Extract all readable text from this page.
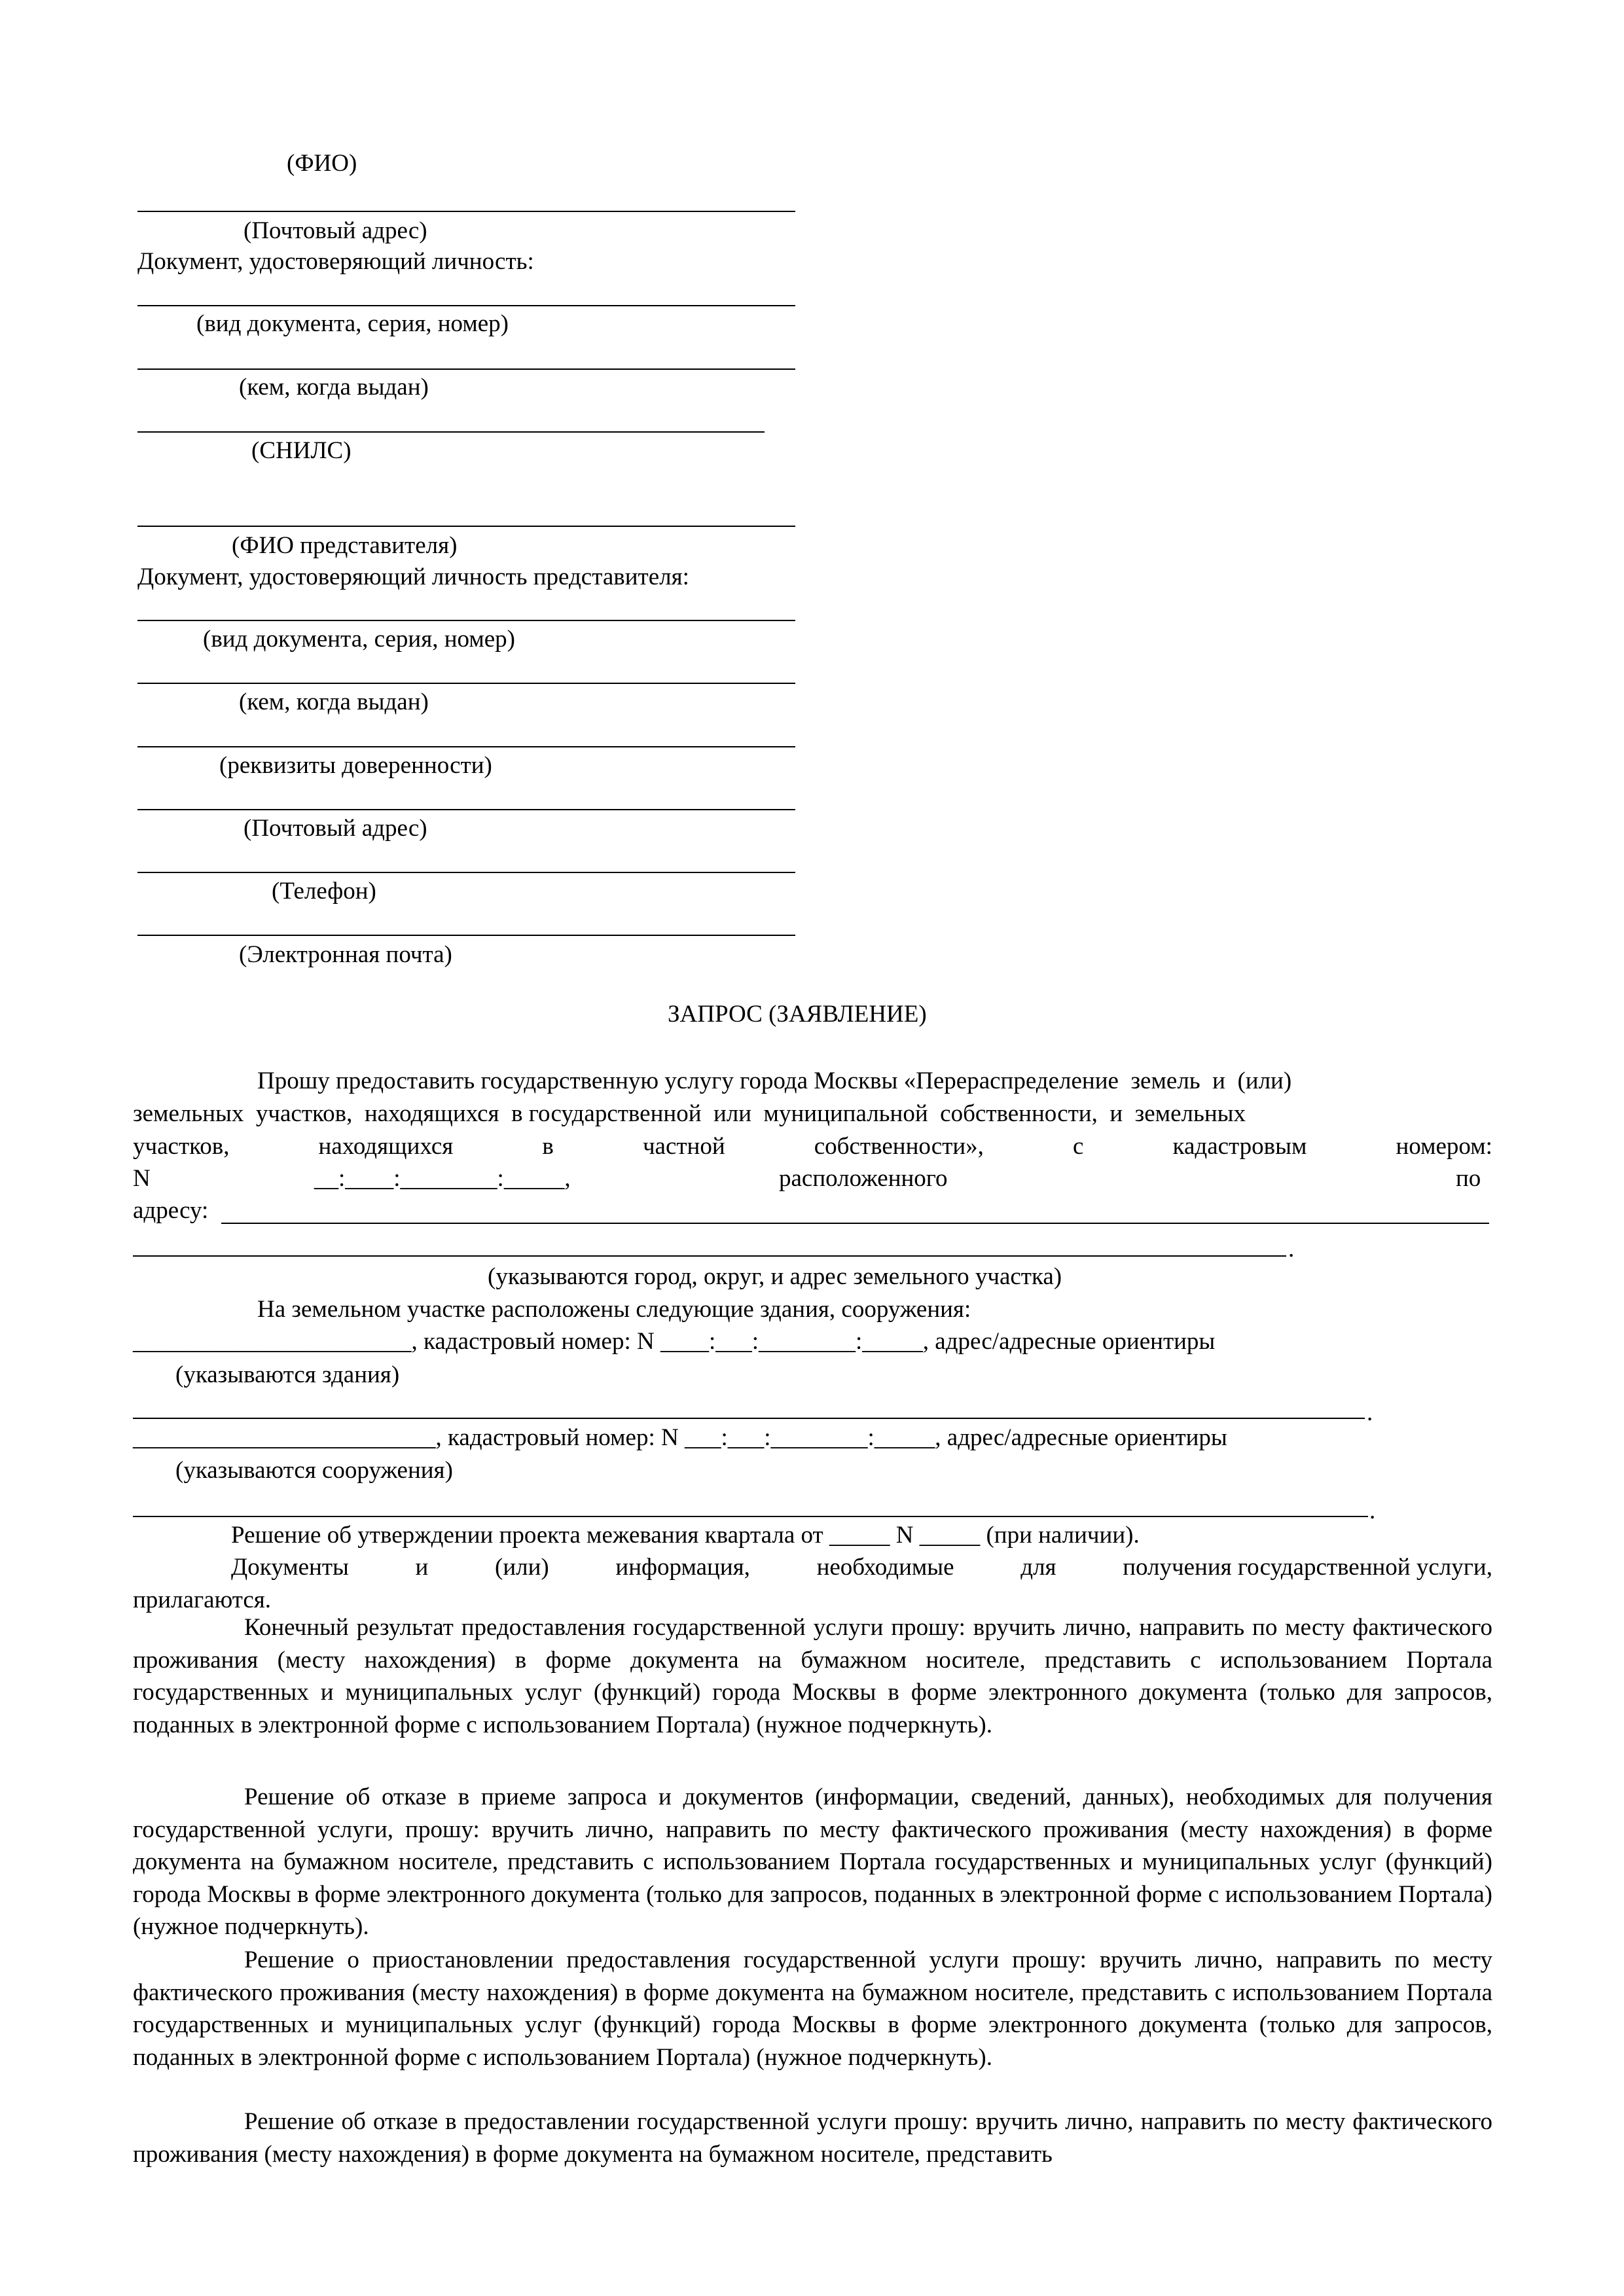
(ФИО)
(Почтовый адрес)
Документ, удостоверяющий личность:
(вид документа, серия, номер)
(кем, когда выдан)
(СНИЛС)
(ФИО представителя)
Документ, удостоверяющий личность представителя:
(вид документа, серия, номер)
(кем, когда выдан)
(реквизиты доверенности)
(Почтовый адрес)
(Телефон)
(Электронная почта)
ЗАПРОС (ЗАЯВЛЕНИЕ)
Прошу предоставить государственную услугу города Москвы «Перераспределение  земель  и  (или)
земельных  участков,  находящихся  в государственной  или  муниципальной  собственности,  и  земельных
участков,	находящихся	в	частной	собственности»,	с	кадастровым	номером:
N	__:____:________:_____,	расположенного	по
адресу:
.
(указываются город, округ, и адрес земельного участка)
На земельном участке расположены следующие здания, сооружения:
_______________________, кадастровый номер: N ____:___:________:_____, адрес/адресные ориентиры
(указываются здания)
.
_________________________, кадастровый номер: N ___:___:________:_____, адрес/адресные ориентиры
(указываются сооружения)
.
Решение об утверждении проекта межевания квартала от _____ N _____ (при наличии).
Документы	и	(или)	информация,	необходимые	для	получения государственной услуги,
прилагаются.
Конечный результат предоставления государственной услуги прошу: вручить лично, направить по месту фактического проживания (месту нахождения) в форме документа на бумажном носителе, представить с использованием Портала государственных и муниципальных услуг (функций) города Москвы в форме электронного документа (только для запросов, поданных в электронной форме с использованием Портала) (нужное подчеркнуть).
Решение об отказе в приеме запроса и документов (информации, сведений, данных), необходимых для получения государственной услуги, прошу: вручить лично, направить по месту фактического проживания (месту нахождения) в форме документа на бумажном носителе, представить с использованием Портала государственных и муниципальных услуг (функций) города Москвы в форме электронного документа (только для запросов, поданных в электронной форме с использованием Портала) (нужное подчеркнуть).
Решение о приостановлении предоставления государственной услуги прошу: вручить лично, направить по месту фактического проживания (месту нахождения) в форме документа на бумажном носителе, представить с использованием Портала государственных и муниципальных услуг (функций) города Москвы в форме электронного документа (только для запросов, поданных в электронной форме с использованием Портала) (нужное подчеркнуть).
Решение об отказе в предоставлении государственной услуги прошу: вручить лично, направить по месту фактического проживания (месту нахождения) в форме документа на бумажном носителе, представить
